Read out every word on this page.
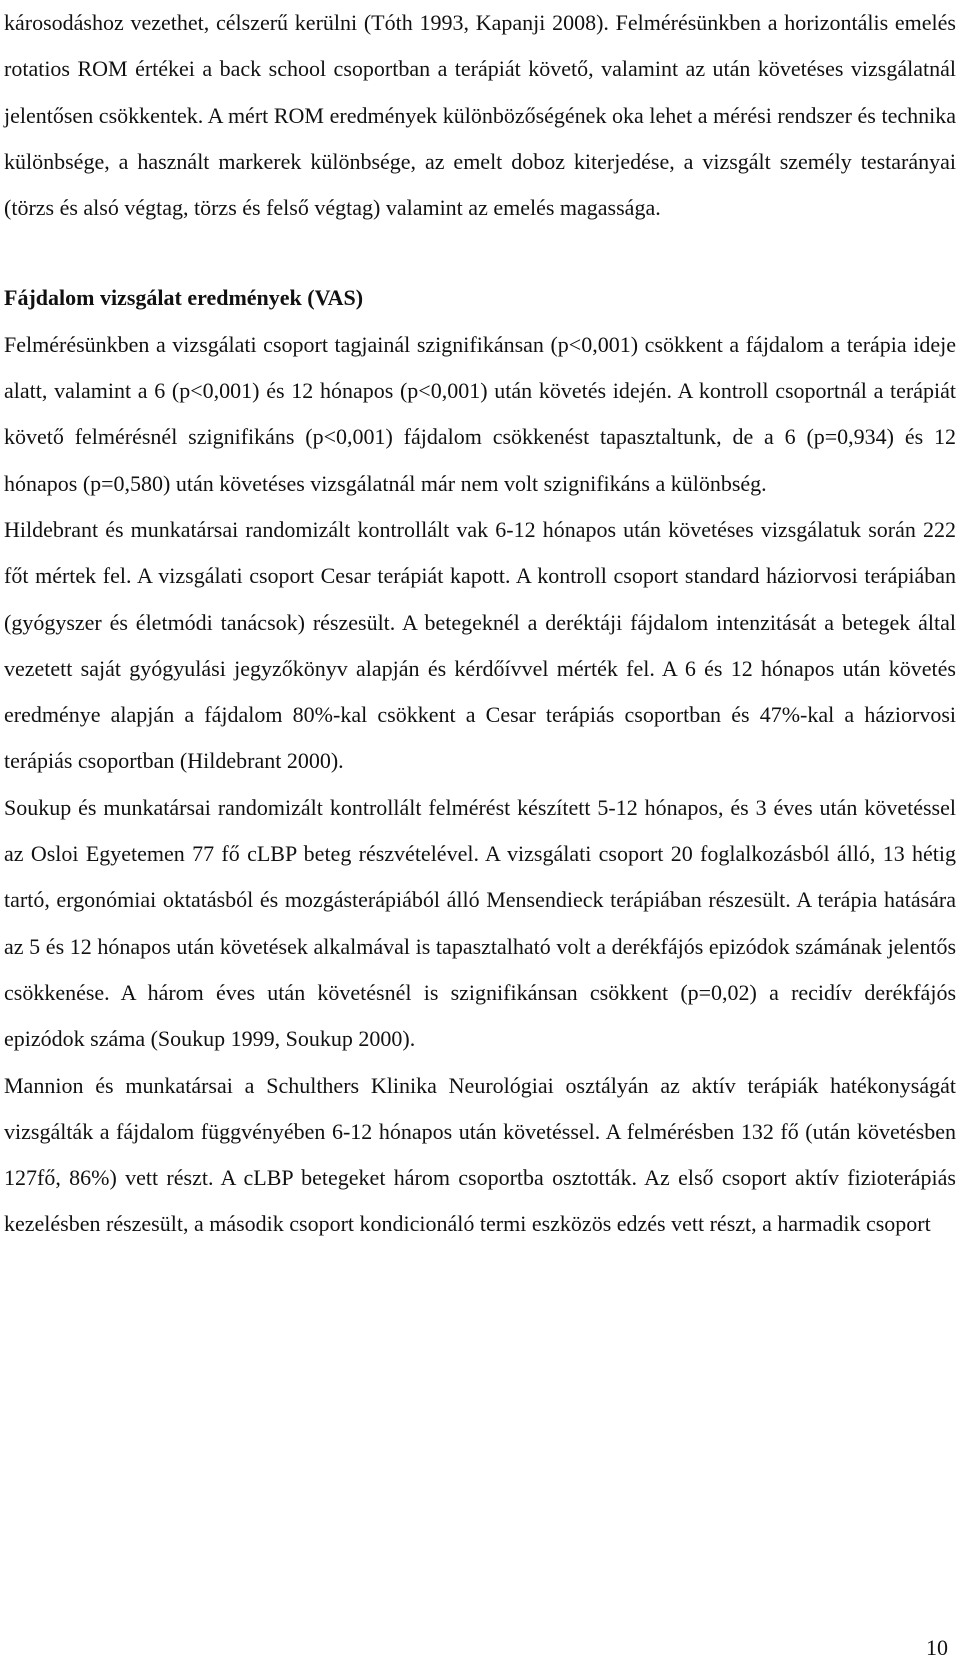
károsodáshoz vezethet, célszerű kerülni (Tóth 1993, Kapanji 2008). Felmérésünkben a horizontális emelés rotatios ROM értékei a back school csoportban a terápiát követő, valamint az után követéses vizsgálatnál jelentősen csökkentek. A mért ROM eredmények különbözőségének oka lehet a mérési rendszer és technika különbsége, a használt markerek különbsége, az emelt doboz kiterjedése, a vizsgált személy testarányai (törzs és alsó végtag, törzs és felső végtag) valamint az emelés magassága.

Fájdalom vizsgálat eredmények (VAS)

Felmérésünkben a vizsgálati csoport tagjainál szignifikánsan (p<0,001) csökkent a fájdalom a terápia ideje alatt, valamint a 6 (p<0,001) és 12 hónapos (p<0,001) után követés idején. A kontroll csoportnál a terápiát követő felmérésnél szignifikáns (p<0,001) fájdalom csökkenést tapasztaltunk, de a 6 (p=0,934) és 12 hónapos (p=0,580) után követéses vizsgálatnál már nem volt szignifikáns a különbség.

Hildebrant és munkatársai randomizált kontrollált vak 6-12 hónapos után követéses vizsgálatuk során 222 főt mértek fel. A vizsgálati csoport Cesar terápiát kapott. A kontroll csoport standard háziorvosi terápiában (gyógyszer és életmódi tanácsok) részesült. A betegeknél a deréktáji fájdalom intenzitását a betegek által vezetett saját gyógyulási jegyzőkönyv alapján és kérdőívvel mérték fel. A 6 és 12 hónapos után követés eredménye alapján a fájdalom 80%-kal csökkent a Cesar terápiás csoportban és 47%-kal a háziorvosi terápiás csoportban (Hildebrant 2000).

Soukup és munkatársai randomizált kontrollált felmérést készített 5-12 hónapos, és 3 éves után követéssel az Osloi Egyetemen 77 fő cLBP beteg részvételével. A vizsgálati csoport 20 foglalkozásból álló, 13 hétig tartó, ergonómiai oktatásból és mozgásterápiából álló Mensendieck terápiában részesült. A terápia hatására az 5 és 12 hónapos után követések alkalmával is tapasztalható volt a derékfájós epizódok számának jelentős csökkenése. A három éves után követésnél is szignifikánsan csökkent (p=0,02) a recidív derékfájós epizódok száma (Soukup 1999, Soukup 2000).

Mannion és munkatársai a Schulthers Klinika Neurológiai osztályán az aktív terápiák hatékonyságát vizsgálták a fájdalom függvényében 6-12 hónapos után követéssel. A felmérésben 132 fő (után követésben 127fő, 86%) vett részt. A cLBP betegeket három csoportba osztották. Az első csoport aktív fizioterápiás kezelésben részesült, a második csoport kondicionáló termi eszközös edzés vett részt, a harmadik csoport

10
